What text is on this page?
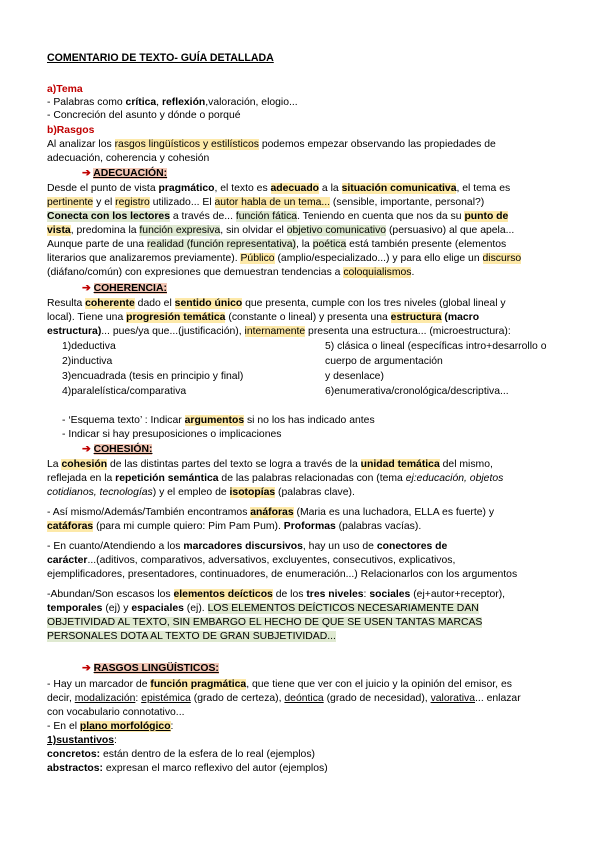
COMENTARIO DE TEXTO- GUÍA DETALLADA
a)Tema
- Palabras como crítica, reflexión,valoración, elogio...
- Concreción del asunto y dónde o porqué
b)Rasgos
Al analizar los rasgos lingüísticos y estilísticos podemos empezar observando las propiedades de
adecuación, coherencia y cohesión
➔ ADECUACIÓN:
Desde el punto de vista pragmático, el texto es adecuado a la situación comunicativa, el tema es
pertinente y el registro utilizado... El autor habla de un tema... (sensible, importante, personal?)
Conecta con los lectores a través de... función fática. Teniendo en cuenta que nos da su punto de
vista, predomina la función expresiva, sin olvidar el objetivo comunicativo (persuasivo) al que apela...
Aunque parte de una realidad (función representativa), la poética está también presente (elementos
literarios que analizaremos previamente). Público (amplio/especializado...) y para ello elige un discurso
(diáfano/común) con expresiones que demuestran tendencias a coloquialismos.
➔ COHERENCIA:
Resulta coherente dado el sentido único que presenta, cumple con los tres niveles (global lineal y
local). Tiene una progresión temática (constante o lineal) y presenta una estructura (macro
estructura)... pues/ya que...(justificación), internamente presenta una estructura... (microestructura):
1)deductiva	5) clásica o lineal (específicas intro+desarrollo o
2)inductiva	cuerpo de argumentación
3)encuadrada (tesis en principio y final)	y desenlace)
4)paralelística/comparativa	6)enumerativa/cronológica/descriptiva...
- ‘Esquema texto’ : Indicar argumentos si no los has indicado antes
- Indicar si hay presuposiciones o implicaciones
➔ COHESIÓN:
La cohesión de las distintas partes del texto se logra a través de la unidad temática del mismo,
reflejada en la repetición semántica de las palabras relacionadas con (tema ej:educación, objetos
cotidianos, tecnologías) y el empleo de isotopías (palabras clave).
- Así mismo/Además/También encontramos anáforas (Maria es una luchadora, ELLA es fuerte) y
catáforas (para mi cumple quiero: Pim Pam Pum). Proformas (palabras vacías).
- En cuanto/Atendiendo a los marcadores discursivos, hay un uso de conectores de
carácter...(aditivos, comparativos, adversativos, excluyentes, consecutivos, explicativos,
ejemplificadores, presentadores, continuadores, de enumeración...) Relacionarlos con los argumentos
-Abundan/Son escasos los elementos deícticos de los tres niveles: sociales (ej+autor+receptor),
temporales (ej) y espaciales (ej). LOS ELEMENTOS DEÍCTICOS NECESARIAMENTE DAN
OBJETIVIDAD AL TEXTO, SIN EMBARGO EL HECHO DE QUE SE USEN TANTAS MARCAS
PERSONALES DOTA AL TEXTO DE GRAN SUBJETIVIDAD...
➔ RASGOS LINGÜÍSTICOS:
- Hay un marcador de función pragmática, que tiene que ver con el juicio y la opinión del emisor, es
decir, modalización: epistémica (grado de certeza), deóntica (grado de necesidad), valorativa... enlazar
con vocabulario connotativo...
- En el plano morfológico:
1)sustantivos:
concretos: están dentro de la esfera de lo real (ejemplos)
abstractos: expresan el marco reflexivo del autor (ejemplos)
